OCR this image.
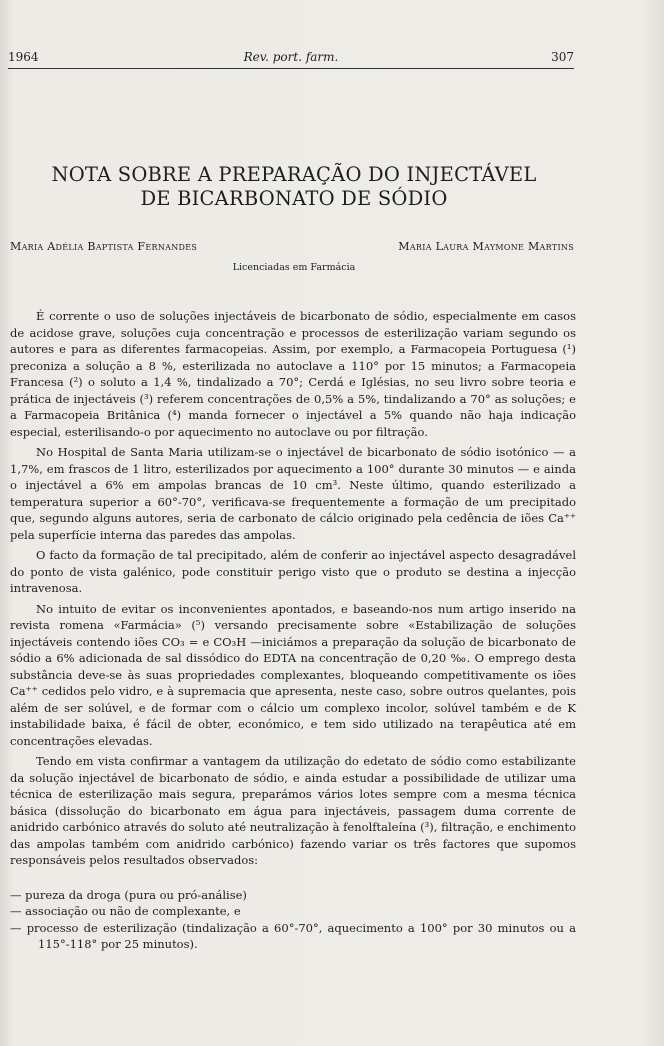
1964	Rev. port. farm.	307
NOTA SOBRE A PREPARAÇÃO DO INJECTÁVEL
DE BICARBONATO DE SÓDIO
Maria Adélia Baptista Fernandes	Maria Laura Maymone Martins
Licenciadas em Farmácia

É corrente o uso de soluções injectáveis de bicarbonato de sódio, especialmente em casos de acidose grave, soluções cuja concentração e processos de esterilização variam segundo os autores e para as diferentes farmacopeias. Assim, por exemplo, a Farmacopeia Portuguesa (¹) preconiza a solução a 8 %, esterilizada no autoclave a 110° por 15 minutos; a Farmacopeia Francesa (²) o soluto a 1,4 %, tindalizado a 70°; Cerdá e Iglésias, no seu livro sobre teoria e prática de injectáveis (³) referem concentrações de 0,5% a 5%, tindalizando a 70° as soluções; e a Farmacopeia Britânica (⁴) manda fornecer o injectável a 5% quando não haja indicação especial, esterilisando-o por aquecimento no autoclave ou por filtração.

No Hospital de Santa Maria utilizam-se o injectável de bicarbonato de sódio isotónico — a 1,7%, em frascos de 1 litro, esterilizados por aquecimento a 100° durante 30 minutos — e ainda o injectável a 6% em ampolas brancas de 10 cm³. Neste último, quando esterilizado a temperatura superior a 60°-70°, verificava-se frequentemente a formação de um precipitado que, segundo alguns autores, seria de carbonato de cálcio originado pela cedência de iões Ca⁺⁺ pela superfície interna das paredes das ampolas.

O facto da formação de tal precipitado, além de conferir ao injectável aspecto desagradável do ponto de vista galénico, pode constituir perigo visto que o produto se destina a injecção intravenosa.

No intuito de evitar os inconvenientes apontados, e baseando-nos num artigo inserido na revista romena «Farmácia» (⁵) versando precisamente sobre «Estabilização de soluções injectáveis contendo iões CO₃ = e CO₃H —iniciámos a preparação da solução de bicarbonato de sódio a 6% adicionada de sal dissódico do EDTA na concentração de 0,20 ‰. O emprego desta substância deve-se às suas propriedades complexantes, bloqueando competitivamente os iões Ca⁺⁺ cedidos pelo vidro, e à supremacia que apresenta, neste caso, sobre outros quelantes, pois além de ser solúvel, e de formar com o cálcio um complexo incolor, solúvel também e de K instabilidade baixa, é fácil de obter, económico, e tem sido utilizado na terapêutica até em concentrações elevadas.

Tendo em vista confirmar a vantagem da utilização do edetato de sódio como estabilizante da solução injectável de bicarbonato de sódio, e ainda estudar a possibilidade de utilizar uma técnica de esterilização mais segura, preparámos vários lotes sempre com a mesma técnica básica (dissolução do bicarbonato em água para injectáveis, passagem duma corrente de anidrido carbónico através do soluto até neutralização à fenolftaleína (³), filtração, e enchimento das ampolas também com anidrido carbónico) fazendo variar os três factores que supomos responsáveis pelos resultados observados:

— pureza da droga (pura ou pró-análise)
— associação ou não de complexante, e
— processo de esterilização (tindalização a 60°-70°, aquecimento a 100° por 30 minutos ou a 115°-118° por 25 minutos).
